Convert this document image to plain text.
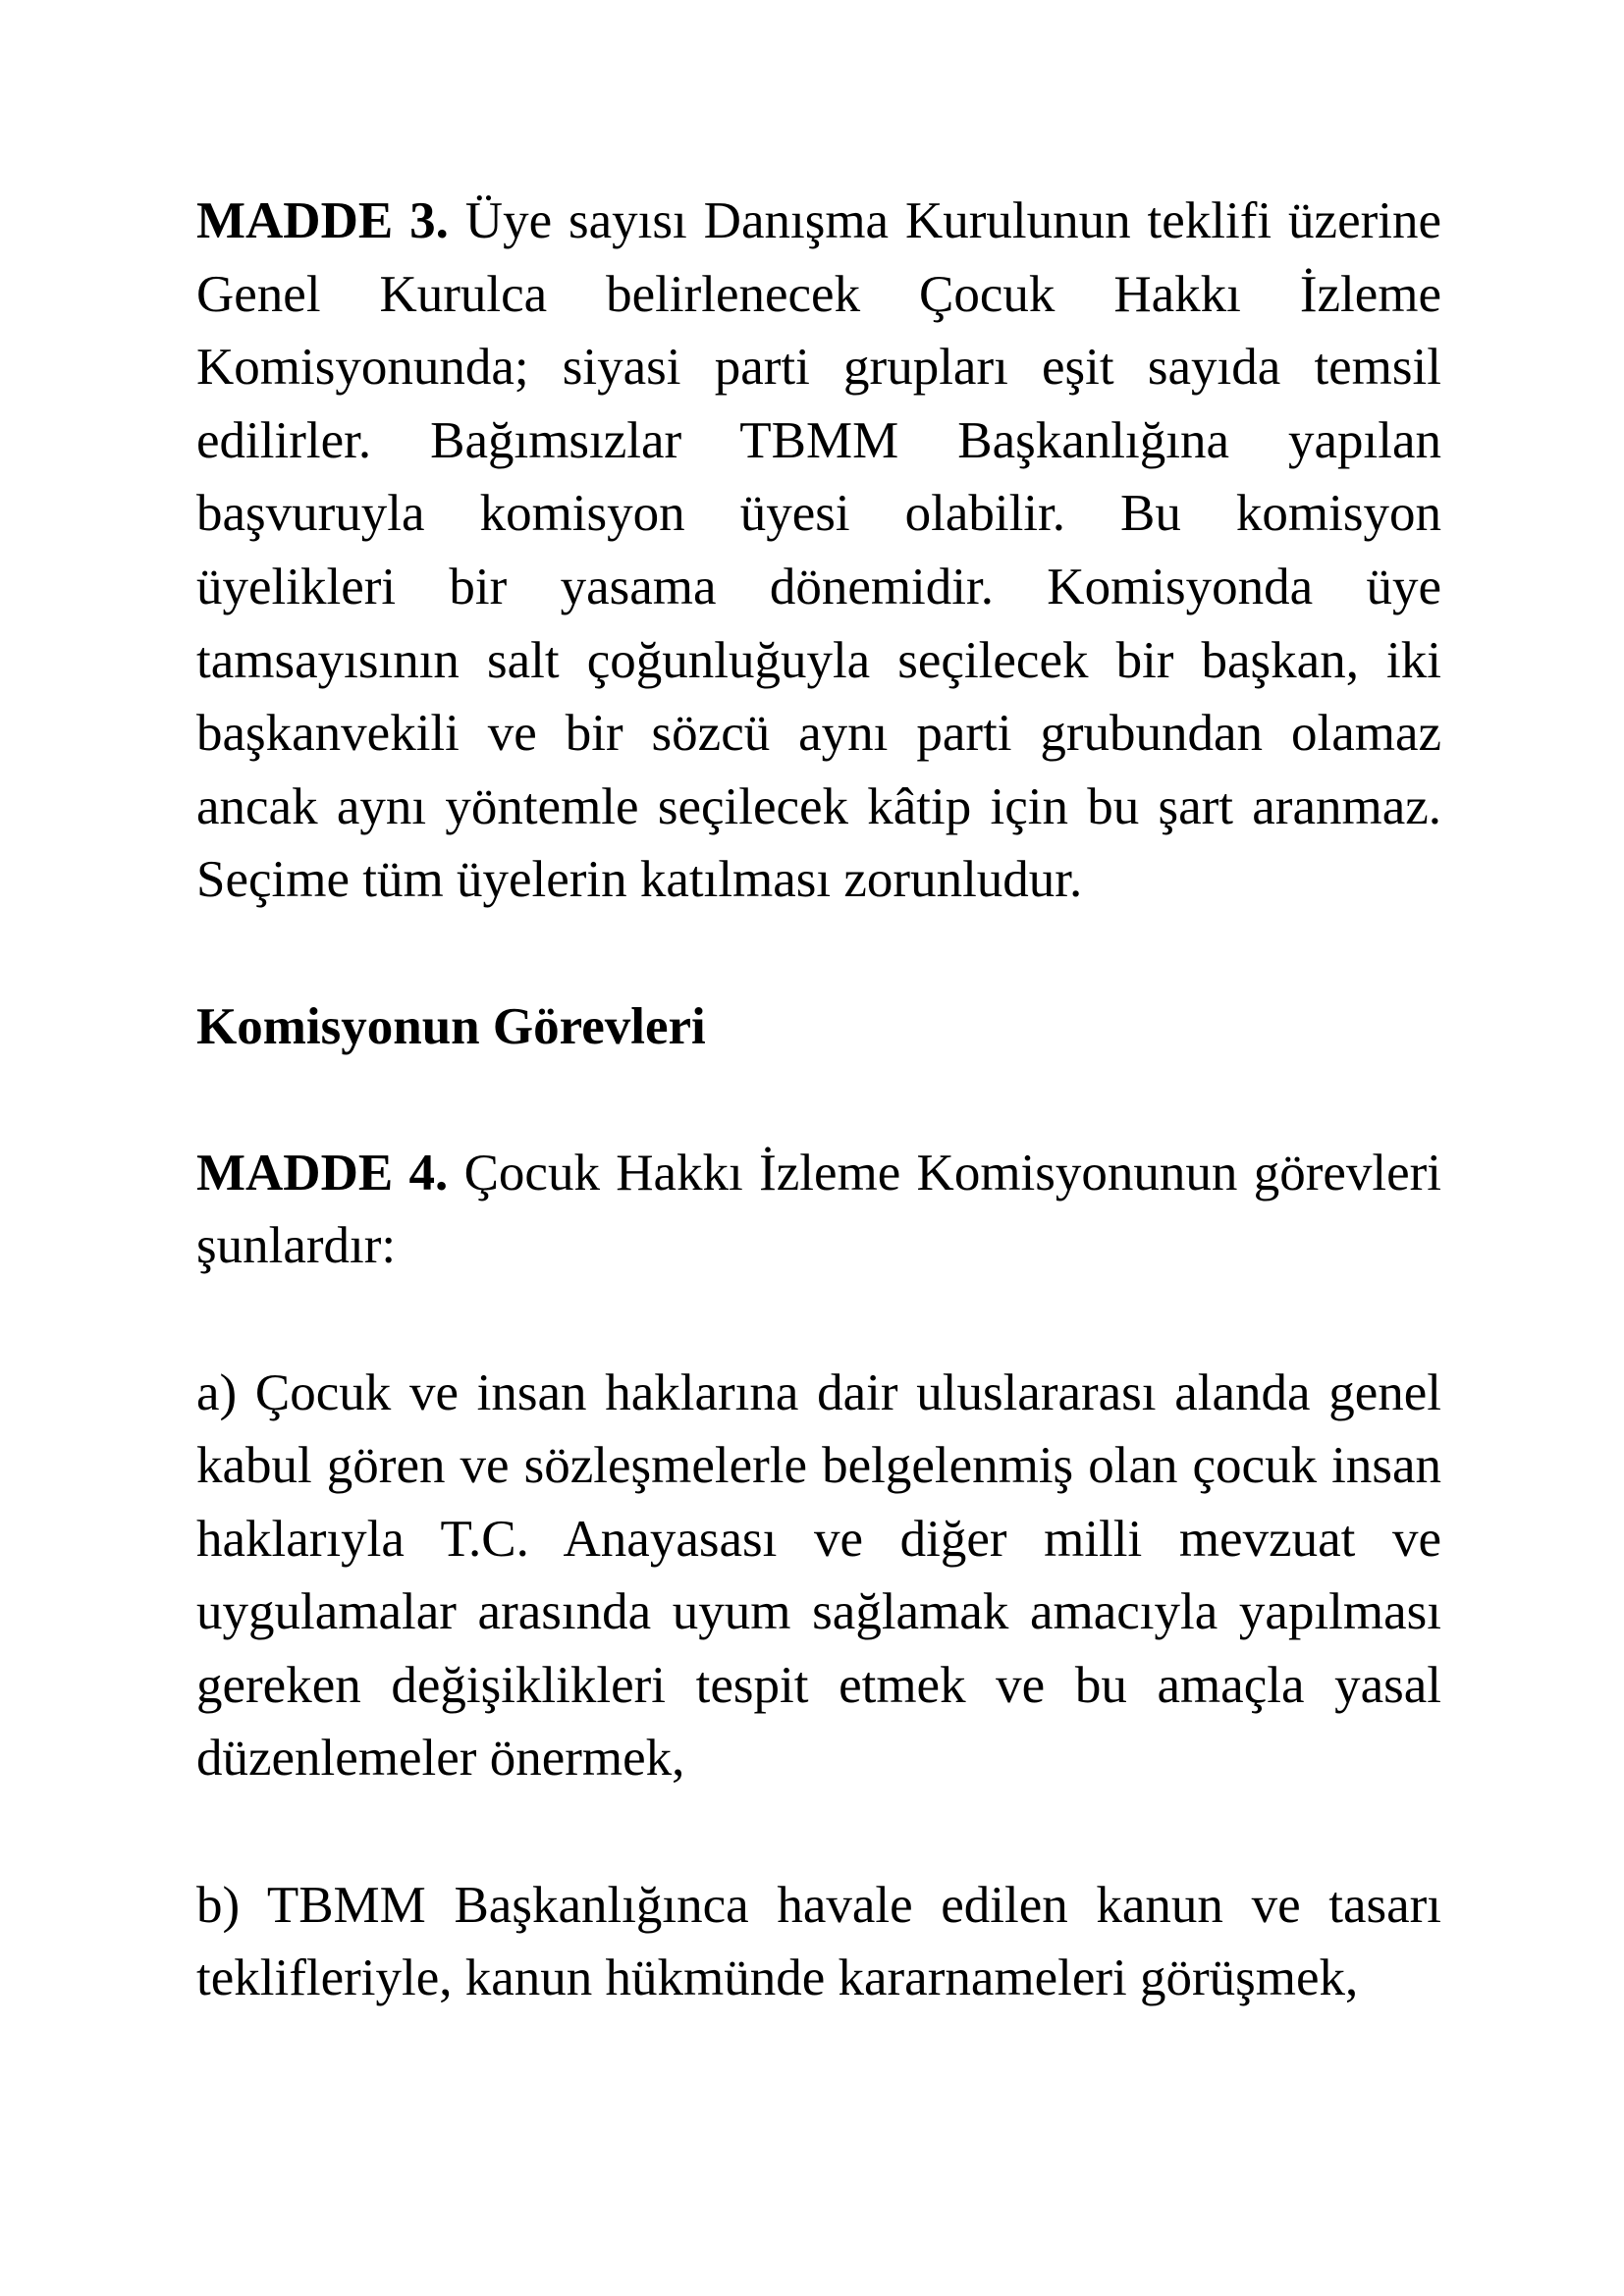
MADDE 3. Üye sayısı Danışma Kurulunun teklifi üzerine Genel Kurulca belirlenecek Çocuk Hakkı İzleme Komisyonunda; siyasi parti grupları eşit sayıda temsil edilirler. Bağımsızlar TBMM Başkanlığına yapılan başvuruyla komisyon üyesi olabilir. Bu komisyon üyelikleri bir yasama dönemidir. Komisyonda üye tamsayısının salt çoğunluğuyla seçilecek bir başkan, iki başkanvekili ve bir sözcü aynı parti grubundan olamaz ancak aynı yöntemle seçilecek kâtip için bu şart aranmaz. Seçime tüm üyelerin katılması zorunludur.

Komisyonun Görevleri

MADDE 4. Çocuk Hakkı İzleme Komisyonunun görevleri şunlardır:

a) Çocuk ve insan haklarına dair uluslararası alanda genel kabul gören ve sözleşmelerle belgelenmiş olan çocuk insan haklarıyla T.C. Anayasası ve diğer milli mevzuat ve uygulamalar arasında uyum sağlamak amacıyla yapılması gereken değişiklikleri tespit etmek ve bu amaçla yasal düzenlemeler önermek,

b) TBMM Başkanlığınca havale edilen kanun ve tasarı teklifleriyle, kanun hükmünde kararnameleri görüşmek,
